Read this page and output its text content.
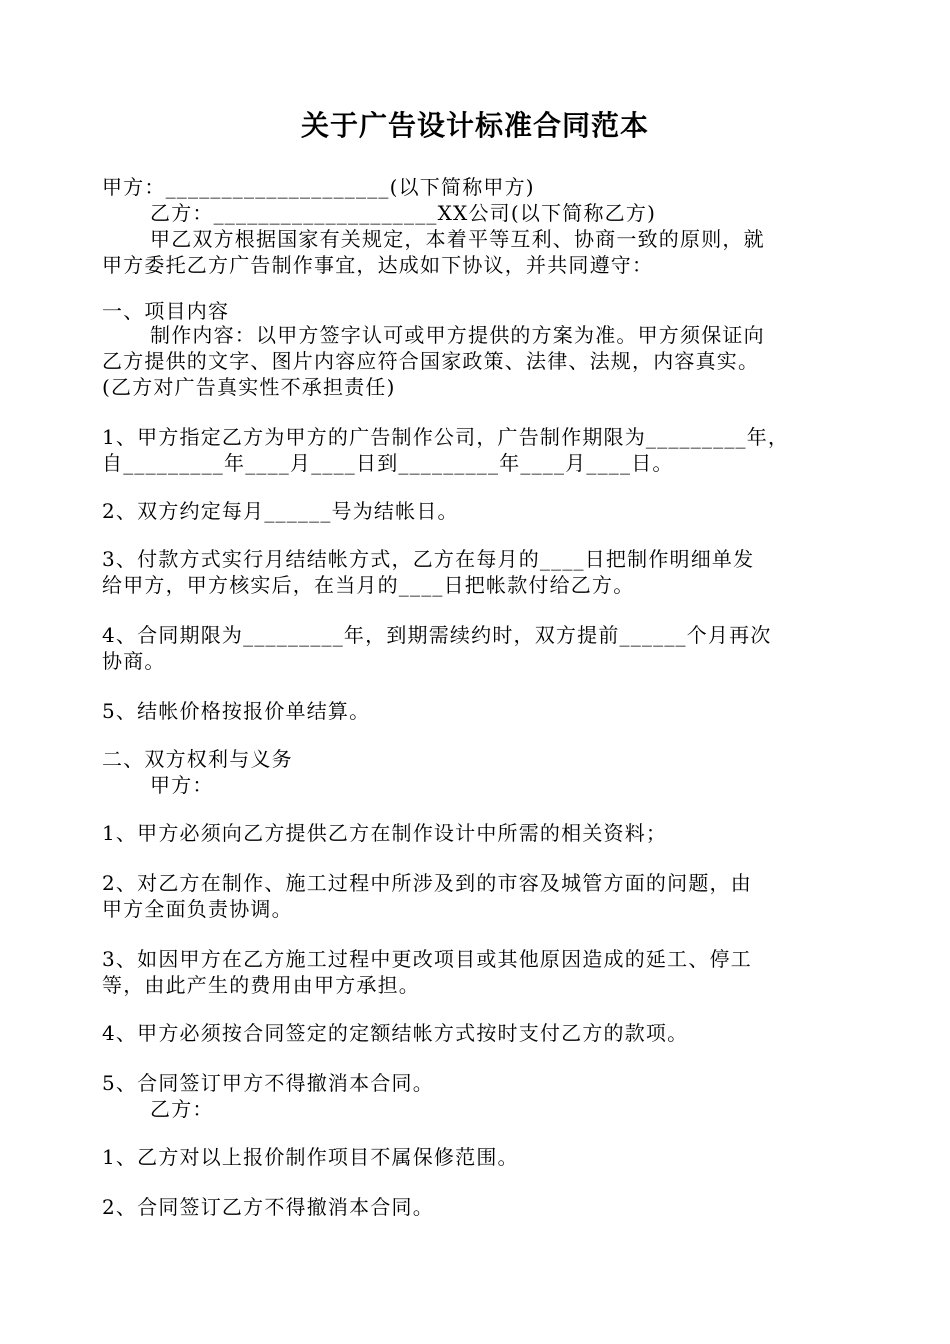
关于广告设计标准合同范本
甲方：____________________(以下简称甲方)
乙方：____________________XX公司(以下简称乙方)
甲乙双方根据国家有关规定，本着平等互利、协商一致的原则，就
甲方委托乙方广告制作事宜，达成如下协议，并共同遵守：
一、项目内容
制作内容：以甲方签字认可或甲方提供的方案为准。甲方须保证向
乙方提供的文字、图片内容应符合国家政策、法律、法规，内容真实。
(乙方对广告真实性不承担责任)
1、甲方指定乙方为甲方的广告制作公司，广告制作期限为_________年，
自_________年____月____日到_________年____月____日。
2、双方约定每月______号为结帐日。
3、付款方式实行月结结帐方式，乙方在每月的____日把制作明细单发
给甲方，甲方核实后，在当月的____日把帐款付给乙方。
4、合同期限为_________年，到期需续约时，双方提前______个月再次
协商。
5、结帐价格按报价单结算。
二、双方权利与义务
甲方：
1、甲方必须向乙方提供乙方在制作设计中所需的相关资料；
2、对乙方在制作、施工过程中所涉及到的市容及城管方面的问题，由
甲方全面负责协调。
3、如因甲方在乙方施工过程中更改项目或其他原因造成的延工、停工
等，由此产生的费用由甲方承担。
4、甲方必须按合同签定的定额结帐方式按时支付乙方的款项。
5、合同签订甲方不得撤消本合同。
乙方：
1、乙方对以上报价制作项目不属保修范围。
2、合同签订乙方不得撤消本合同。
